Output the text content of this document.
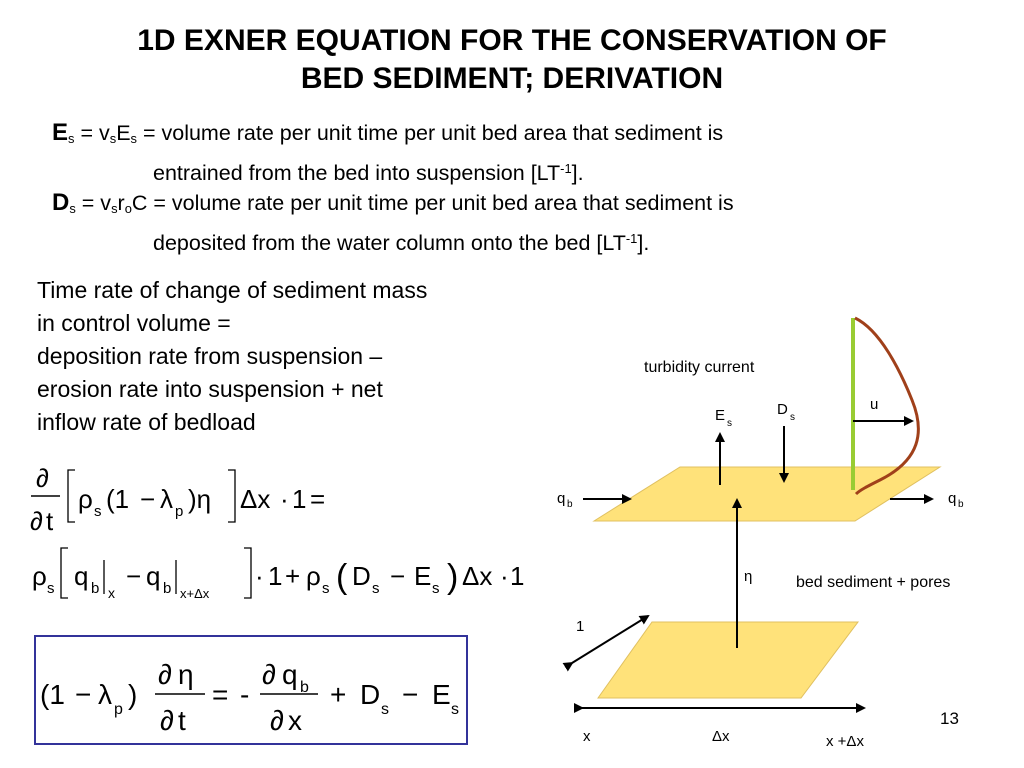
1D EXNER EQUATION FOR THE CONSERVATION OF
BED SEDIMENT; DERIVATION
$E_s = v_sE_s$ = volume rate per unit time per unit bed area that sediment is
entrained from the bed into suspension $[LT^{-1}]$.
$D_s = v_sr_oC$ = volume rate per unit time per unit bed area that sediment is
deposited from the water column onto the bed $[LT^{-1}]$.
Time rate of change of sediment mass
in control volume =
deposition rate from suspension –
erosion rate into suspension + net
inflow rate of bedload
∂
∂ t
ρ s (1 − λ p )η Δx · 1 =
ρ s q b x
− q b x+Δx
· 1 + ρ s ( D s − E s ) Δx · 1
(1 − λ p )
∂ η
∂ t
= -
∂ q b
∂ x
+ D s − E s
η
E s
D s
turbidity current
u
q b	q b
bed sediment + pores
1
x	Δx	x +Δx
13
